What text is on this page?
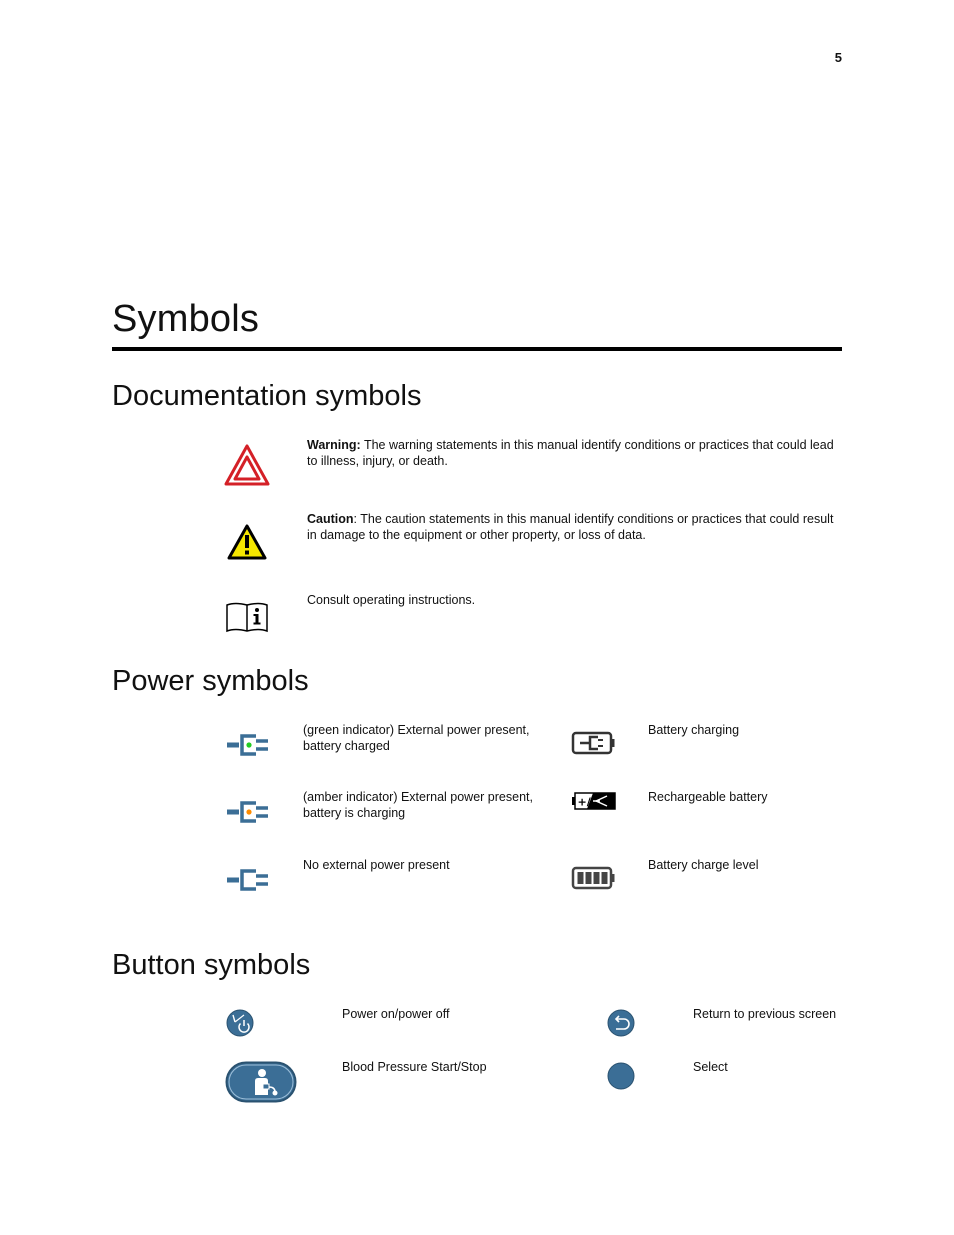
5
Symbols
Documentation symbols
Warning: The warning statements in this manual identify conditions or practices that could lead to illness, injury, or death.
Caution: The caution statements in this manual identify conditions or practices that could result in damage to the equipment or other property, or loss of data.
Consult operating instructions.
Power symbols
(green indicator) External power present, battery charged
(amber indicator) External power present, battery is charging
No external power present
Battery charging
+/	Rechargeable battery
Battery charge level
Button symbols
Power on/power off
Blood Pressure Start/Stop
Return to previous screen
Select
